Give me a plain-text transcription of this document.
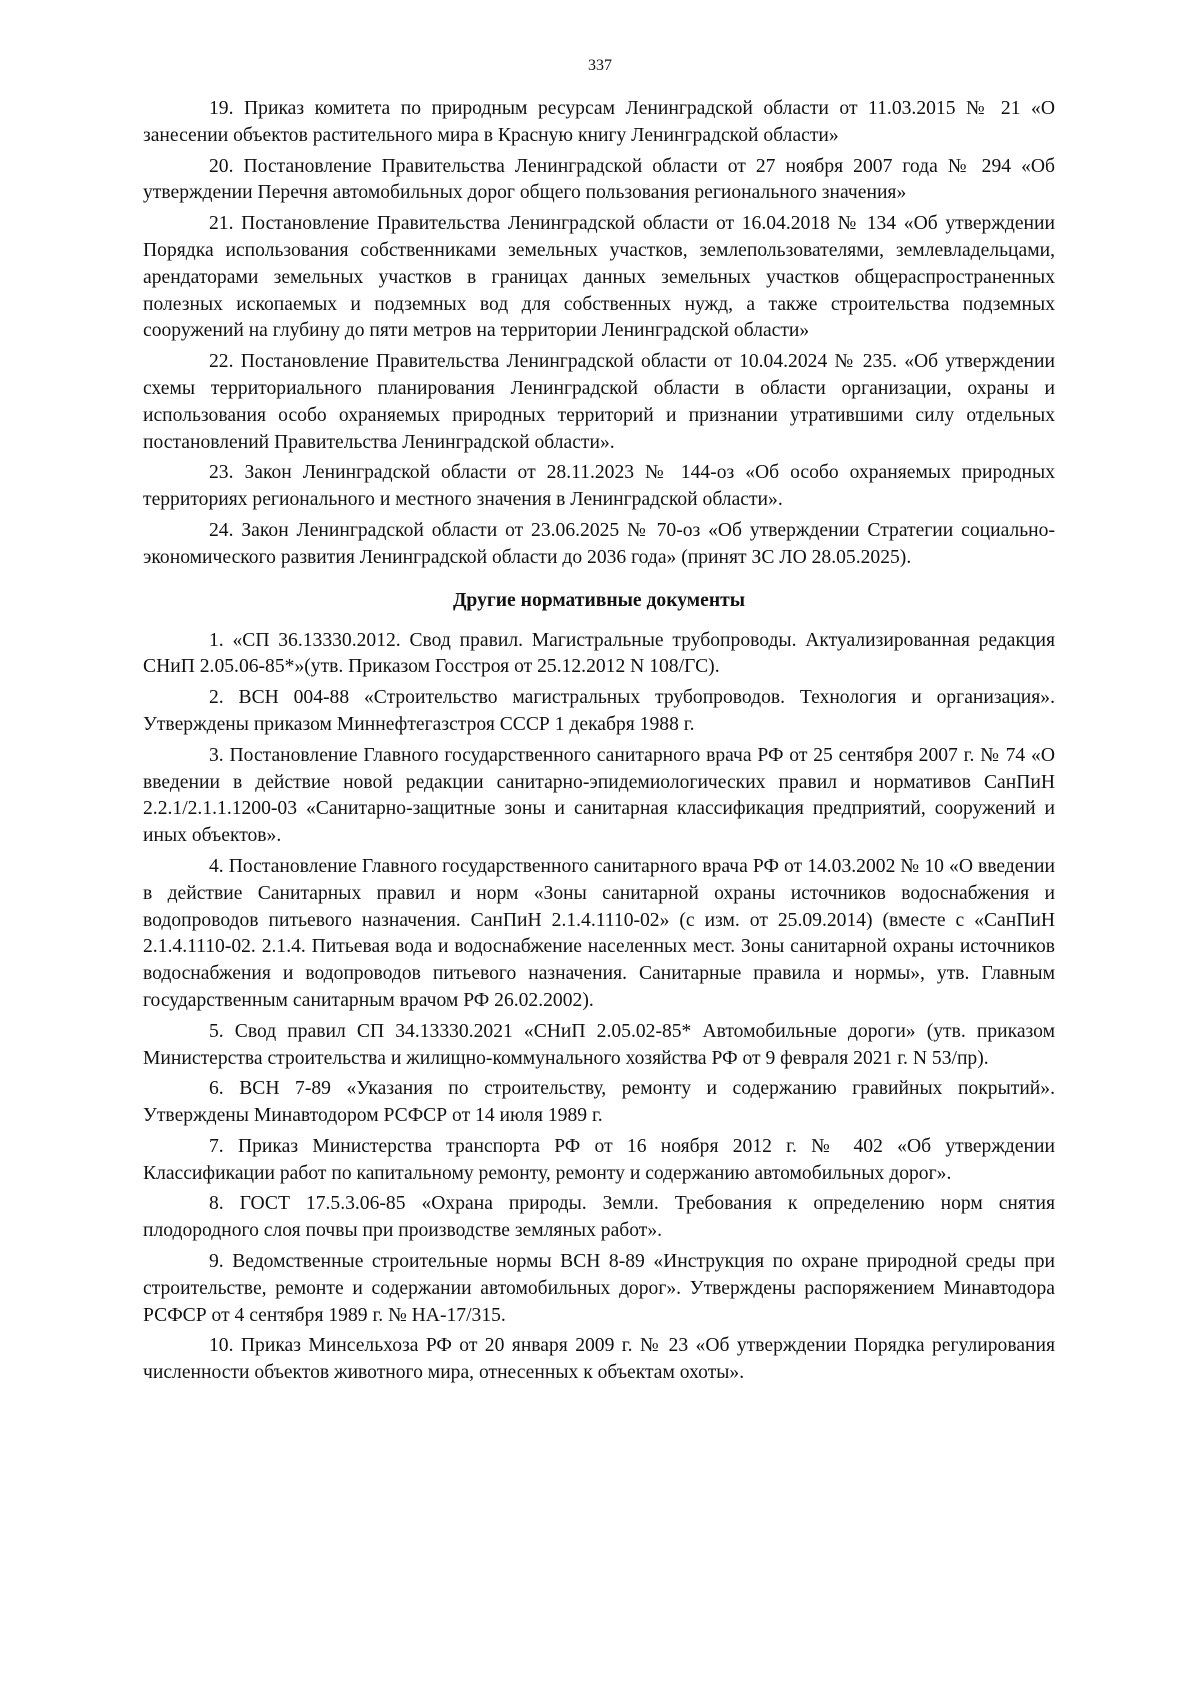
337

19. Приказ комитета по природным ресурсам Ленинградской области от 11.03.2015 № 21 «О занесении объектов растительного мира в Красную книгу Ленинградской области»

20. Постановление Правительства Ленинградской области от 27 ноября 2007 года № 294 «Об утверждении Перечня автомобильных дорог общего пользования регионального значения»

21. Постановление Правительства Ленинградской области от 16.04.2018 № 134 «Об утверждении Порядка использования собственниками земельных участков, землепользователями, землевладельцами, арендаторами земельных участков в границах данных земельных участков общераспространенных полезных ископаемых и подземных вод для собственных нужд, а также строительства подземных сооружений на глубину до пяти метров на территории Ленинградской области»

22. Постановление Правительства Ленинградской области от 10.04.2024 № 235. «Об утверждении схемы территориального планирования Ленинградской области в области организации, охраны и использования особо охраняемых природных территорий и признании утратившими силу отдельных постановлений Правительства Ленинградской области».

23. Закон Ленинградской области от 28.11.2023 № 144-оз «Об особо охраняемых природных территориях регионального и местного значения в Ленинградской области».

24. Закон Ленинградской области от 23.06.2025 № 70-оз «Об утверждении Стратегии социально-экономического развития Ленинградской области до 2036 года» (принят ЗС ЛО 28.05.2025).

Другие нормативные документы

1. «СП 36.13330.2012. Свод правил. Магистральные трубопроводы. Актуализированная редакция СНиП 2.05.06-85*»(утв. Приказом Госстроя от 25.12.2012 N 108/ГС).

2. ВСН 004-88 «Строительство магистральных трубопроводов. Технология и организация». Утверждены приказом Миннефтегазстроя СССР 1 декабря 1988 г.

3. Постановление Главного государственного санитарного врача РФ от 25 сентября 2007 г. № 74 «О введении в действие новой редакции санитарно-эпидемиологических правил и нормативов СанПиН 2.2.1/2.1.1.1200-03 «Санитарно-защитные зоны и санитарная классификация предприятий, сооружений и иных объектов».

4. Постановление Главного государственного санитарного врача РФ от 14.03.2002 № 10 «О введении в действие Санитарных правил и норм «Зоны санитарной охраны источников водоснабжения и водопроводов питьевого назначения. СанПиН 2.1.4.1110-02» (с изм. от 25.09.2014) (вместе с «СанПиН 2.1.4.1110-02. 2.1.4. Питьевая вода и водоснабжение населенных мест. Зоны санитарной охраны источников водоснабжения и водопроводов питьевого назначения. Санитарные правила и нормы», утв. Главным государственным санитарным врачом РФ 26.02.2002).

5. Свод правил СП 34.13330.2021 «СНиП 2.05.02-85* Автомобильные дороги» (утв. приказом Министерства строительства и жилищно-коммунального хозяйства РФ от 9 февраля 2021 г. N 53/пр).

6. ВСН 7-89 «Указания по строительству, ремонту и содержанию гравийных покрытий». Утверждены Минавтодором РСФСР от 14 июля 1989 г.

7. Приказ Министерства транспорта РФ от 16 ноября 2012 г. № 402 «Об утверждении Классификации работ по капитальному ремонту, ремонту и содержанию автомобильных дорог».

8. ГОСТ 17.5.3.06-85 «Охрана природы. Земли. Требования к определению норм снятия плодородного слоя почвы при производстве земляных работ».

9. Ведомственные строительные нормы ВСН 8-89 «Инструкция по охране природной среды при строительстве, ремонте и содержании автомобильных дорог». Утверждены распоряжением Минавтодора РСФСР от 4 сентября 1989 г. № НА-17/315.

10. Приказ Минсельхоза РФ от 20 января 2009 г. № 23 «Об утверждении Порядка регулирования численности объектов животного мира, отнесенных к объектам охоты».
